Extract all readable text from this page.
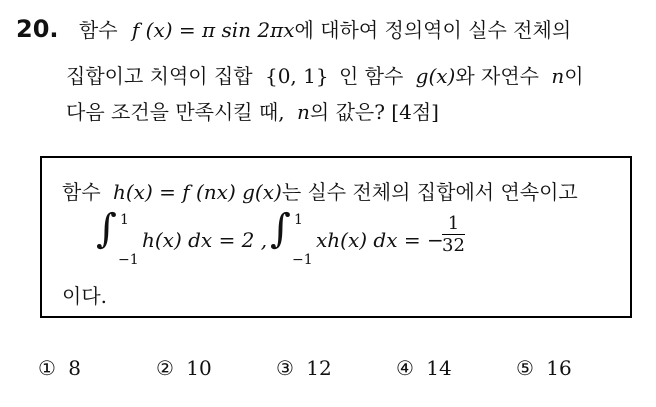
20. 함수 f (x) = π sin 2πx에 대하여 정의역이 실수 전체의
집합이고 치역이 집합 {0, 1} 인 함수 g(x)와 자연수 n이
다음 조건을 만족시킬 때, n의 값은? [4점]
함수 h(x) = f (nx) g(x)는 실수 전체의 집합에서 연속이고
∫ 1
−1
h(x) dx = 2 , ∫ 1
−1
xh(x) dx = −
$\frac{1}{32}$
이다.
① 8	② 10	③ 12	④ 14	⑤ 16
